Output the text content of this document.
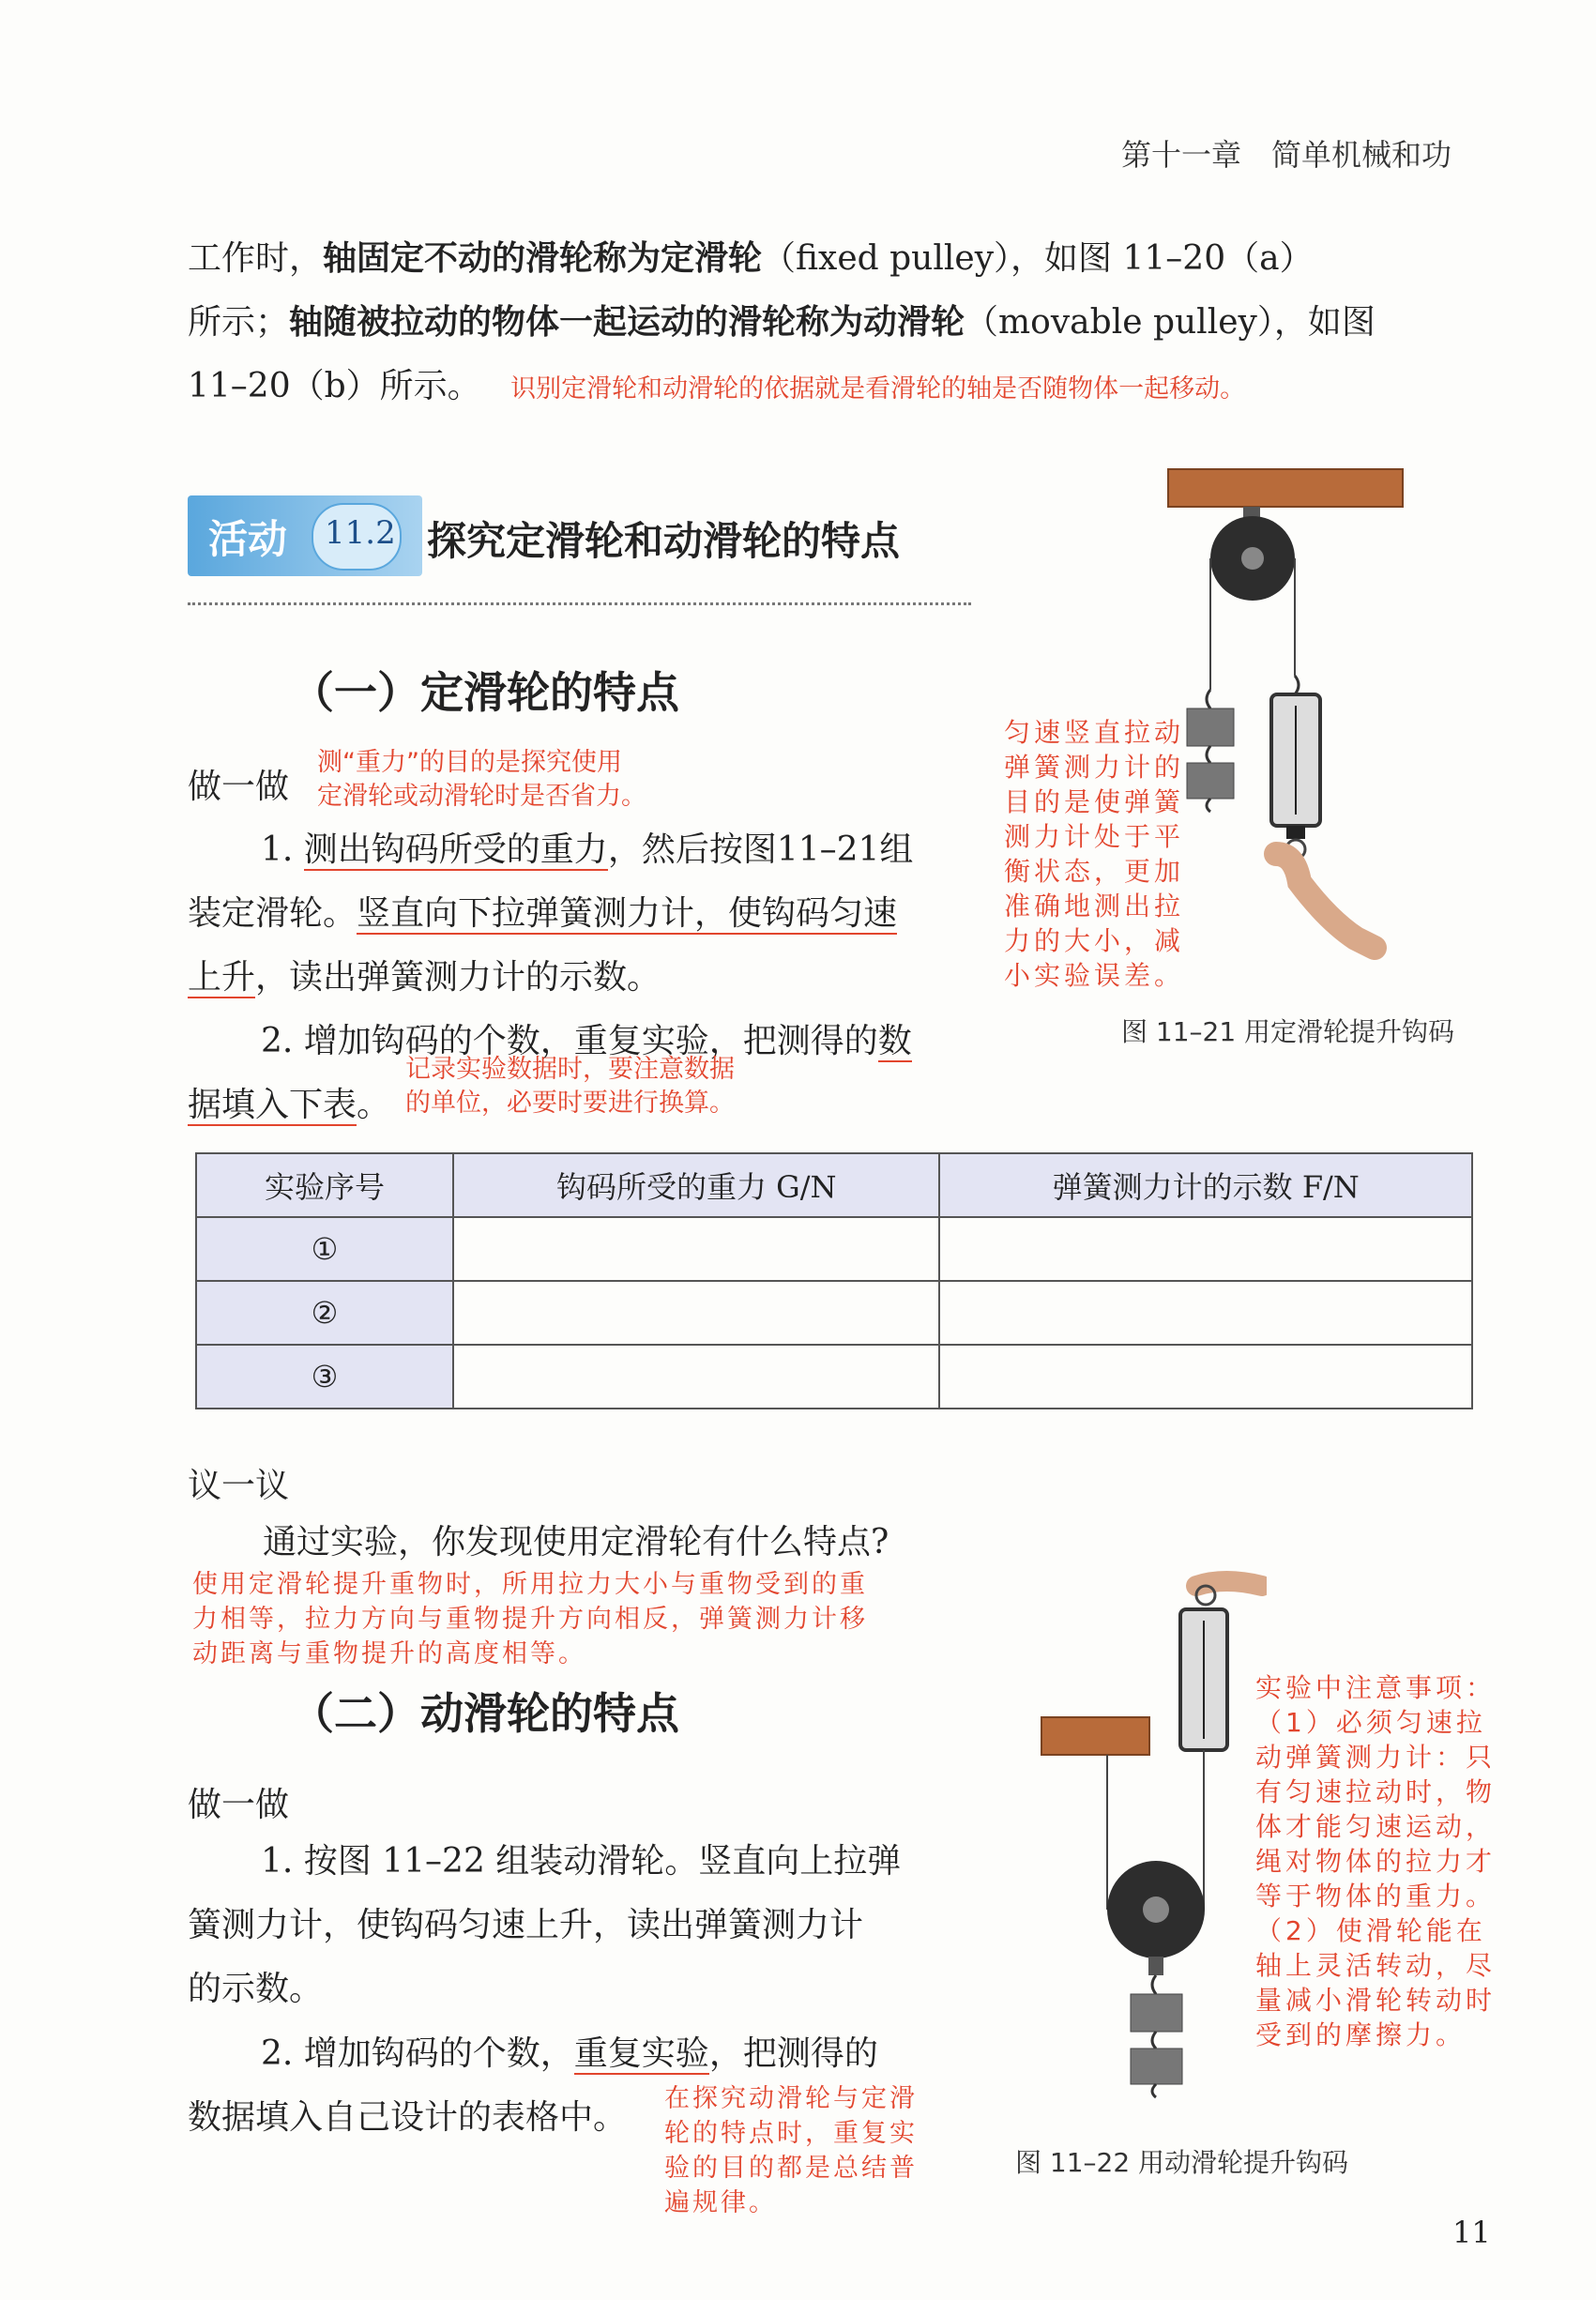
第十一章　简单机械和功
工作时，轴固定不动的滑轮称为定滑轮（fixed pulley），如图 11–20（a）
所示；轴随被拉动的物体一起运动的滑轮称为动滑轮（movable pulley），如图
11–20（b）所示。 识别定滑轮和动滑轮的依据就是看滑轮的轴是否随物体一起移动。
活动 11.2 探究定滑轮和动滑轮的特点
（一）定滑轮的特点
做一做
测“重力”的目的是探究使用
定滑轮或动滑轮时是否省力。
1. 测出钩码所受的重力，然后按图11–21组
装定滑轮。竖直向下拉弹簧测力计，使钩码匀速
上升，读出弹簧测力计的示数。
2. 增加钩码的个数，重复实验，把测得的数
据填入下表。
记录实验数据时，要注意数据
的单位，必要时要进行换算。
匀速竖直拉动
弹簧测力计的
目的是使弹簧
测力计处于平
衡状态，更加
准确地测出拉
力的大小，减
小实验误差。
图 11–21 用定滑轮提升钩码
实验序号	钩码所受的重力 G/N	弹簧测力计的示数 F/N
①		
②		
③		
议一议
通过实验，你发现使用定滑轮有什么特点?
使用定滑轮提升重物时，所用拉力大小与重物受到的重
力相等，拉力方向与重物提升方向相反，弹簧测力计移
动距离与重物提升的高度相等。
（二）动滑轮的特点
做一做
1. 按图 11–22 组装动滑轮。竖直向上拉弹
簧测力计，使钩码匀速上升，读出弹簧测力计
的示数。
2. 增加钩码的个数，重复实验，把测得的
数据填入自己设计的表格中。	在探究动滑轮与定滑
轮的特点时，重复实
验的目的都是总结普
遍规律。
实验中注意事项：
（1）必须匀速拉
动弹簧测力计：只
有匀速拉动时，物
体才能匀速运动，
绳对物体的拉力才
等于物体的重力。
（2）使滑轮能在
轴上灵活转动，尽
量减小滑轮转动时
受到的摩擦力。
图 11–22 用动滑轮提升钩码
11
